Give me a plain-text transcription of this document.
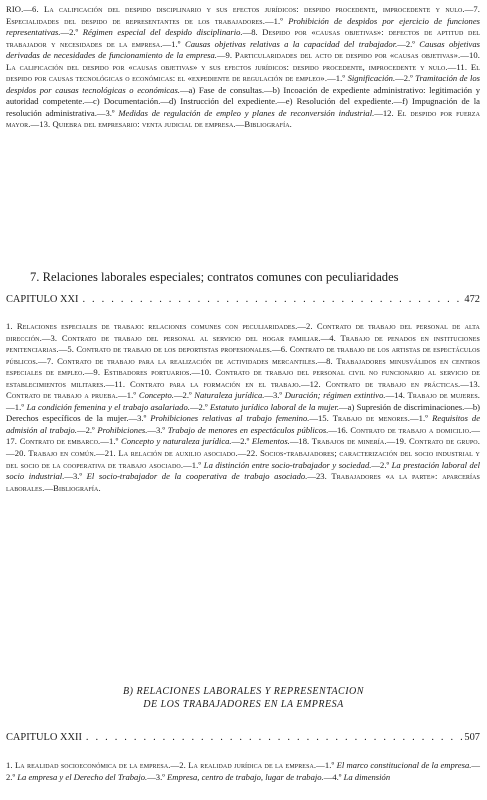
RIO.—6. La calificación del despido disciplinario y sus efectos jurídicos: despido procedente, improcedente y nulo.—7. Especialidades del despido de representantes de los trabajadores.—1.º Prohibición de despidos por ejercicio de funciones representativas.—2.º Régimen especial del despido disciplinario.—8. Despido por «causas objetivas»: defectos de aptitud del trabajador y necesidades de la empresa.—1.º Causas objetivas relativas a la capacidad del trabajador.—2.º Causas objetivas derivadas de necesidades de funcionamiento de la empresa.—9. Particularidades del acto de despido por «causas objetivas».—10. La calificación del despido por «causas objetivas» y sus efectos jurídicos: despido procedente, improcedente y nulo.—11. El despido por causas tecnológicas o económicas: el «expediente de regulación de empleo».—1.º Significación.—2.º Tramitación de los despidos por causas tecnológicas o económicas.—a) Fase de consultas.—b) Incoación de expediente administrativo: legitimación y autoridad competente.—c) Documentación.—d) Instrucción del expediente.—e) Resolución del expediente.—f) Impugnación de la resolución administrativa.—3.º Medidas de regulación de empleo y planes de reconversión industrial.—12. El despido por fuerza mayor.—13. Quiebra del empresario: venta judicial de empresa.—Bibliografía.

7. Relaciones laborales especiales; contratos comunes con peculiaridades
CAPITULO XXI . . .	472

1. Relaciones especiales de trabajo: relaciones comunes con peculiaridades.—2. Contrato de trabajo del personal de alta dirección.—3. Contrato de trabajo del personal al servicio del hogar familiar.—4. Trabajo de penados en instituciones penitenciarias.—5. Contrato de trabajo de los deportistas profesionales.—6. Contrato de trabajo de los artistas de espectáculos públicos.—7. Contrato de trabajo para la realización de actividades mercantiles.—8. Trabajadores minusválidos en centros especiales de empleo.—9. Estibadores portuarios.—10. Contrato de trabajo del personal civil no funcionario al servicio de establecimientos militares.—11. Contrato para la formación en el trabajo.—12. Contrato de trabajo en prácticas.—13. Contrato de trabajo a prueba.—1.º Concepto.—2.º Naturaleza jurídica.—3.º Duración; régimen extintivo.—14. Trabajo de mujeres.—1.º La condición femenina y el trabajo asalariado.—2.º Estatuto jurídico laboral de la mujer.—a) Supresión de discriminaciones.—b) Derechos específicos de la mujer.—3.º Prohibiciones relativas al trabajo femenino.—15. Trabajo de menores.—1.º Requisitos de admisión al trabajo.—2.º Prohibiciones.—3.º Trabajo de menores en espectáculos públicos.—16. Contrato de trabajo a domicilio.—17. Contrato de embarco.—1.º Concepto y naturaleza jurídica.—2.º Elementos.—18. Trabajos de minería.—19. Contrato de grupo.—20. Trabajo en común.—21. La relación de auxilio asociado.—22. Socios-trabajadores; caracterización del socio industrial y del socio de la cooperativa de trabajo asociado.—1.º La distinción entre socio-trabajador y sociedad.—2.º La prestación laboral del socio industrial.—3.º El socio-trabajador de la cooperativa de trabajo asociado.—23. Trabajadores «a la parte»: aparcerías laborales.—Bibliografía.

B) RELACIONES LABORALES Y REPRESENTACION
DE LOS TRABAJADORES EN LA EMPRESA
CAPITULO XXII . . .	507

1. La realidad socioeconómica de la empresa.—2. La realidad jurídica de la empresa.—1.º El marco constitucional de la empresa.—2.º La empresa y el Derecho del Trabajo.—3.º Empresa, centro de trabajo, lugar de trabajo.—4.º La dimensión
